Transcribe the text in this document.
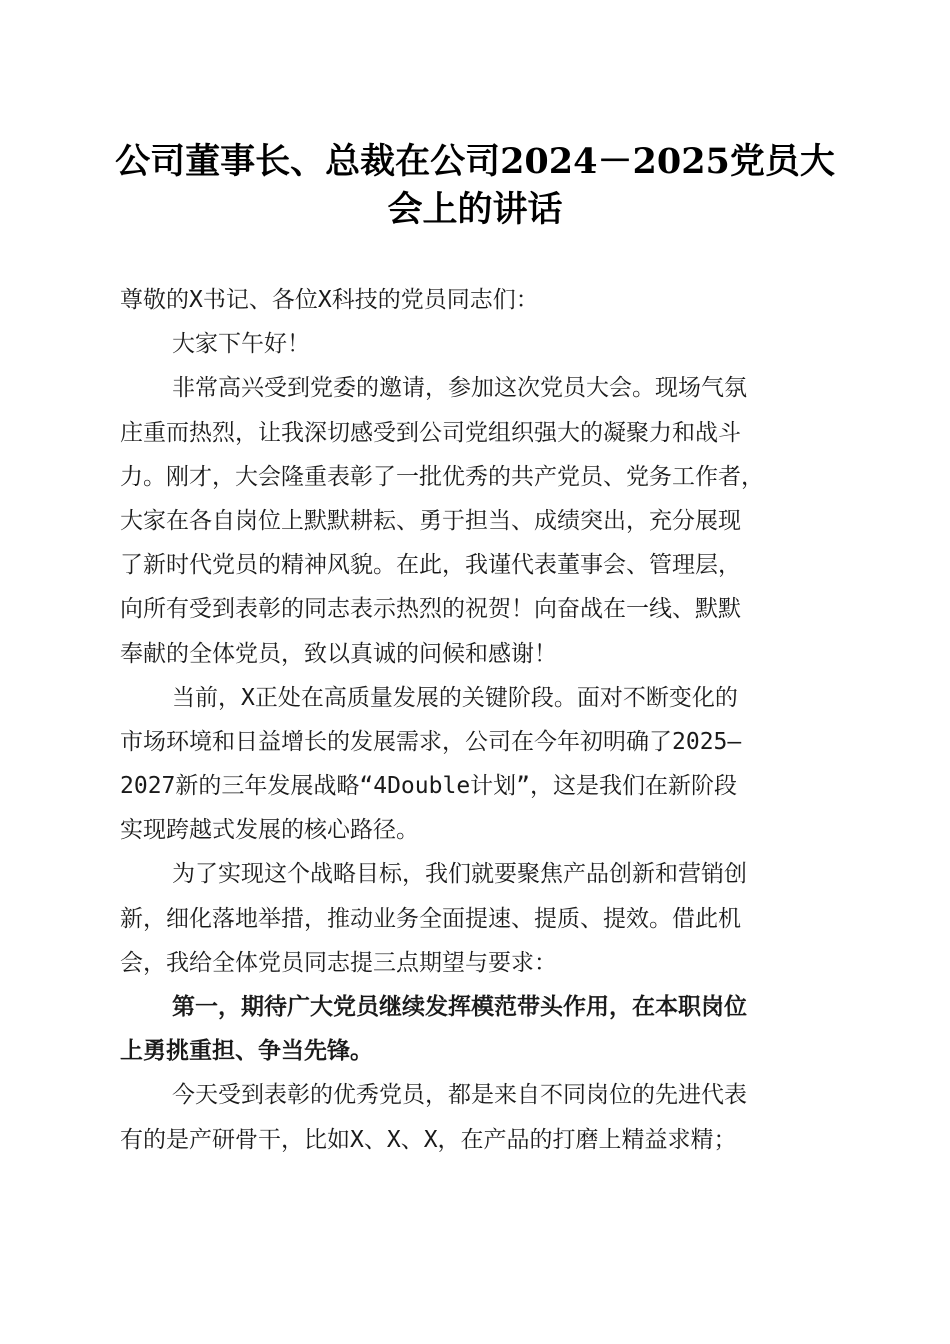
公司董事长、总裁在公司2024－2025党员大
会上的讲话
尊敬的X书记、各位X科技的党员同志们：
大家下午好！
非常高兴受到党委的邀请，参加这次党员大会。现场气氛
庄重而热烈，让我深切感受到公司党组织强大的凝聚力和战斗
力。刚才，大会隆重表彰了一批优秀的共产党员、党务工作者，
大家在各自岗位上默默耕耘、勇于担当、成绩突出，充分展现
了新时代党员的精神风貌。在此，我谨代表董事会、管理层，
向所有受到表彰的同志表示热烈的祝贺！向奋战在一线、默默
奉献的全体党员，致以真诚的问候和感谢！
当前，X正处在高质量发展的关键阶段。面对不断变化的
市场环境和日益增长的发展需求，公司在今年初明确了2025—
2027新的三年发展战略“4Double计划”，这是我们在新阶段
实现跨越式发展的核心路径。
为了实现这个战略目标，我们就要聚焦产品创新和营销创
新，细化落地举措，推动业务全面提速、提质、提效。借此机
会，我给全体党员同志提三点期望与要求：
第一，期待广大党员继续发挥模范带头作用，在本职岗位
上勇挑重担、争当先锋。
今天受到表彰的优秀党员，都是来自不同岗位的先进代表
有的是产研骨干，比如X、X、X，在产品的打磨上精益求精；
